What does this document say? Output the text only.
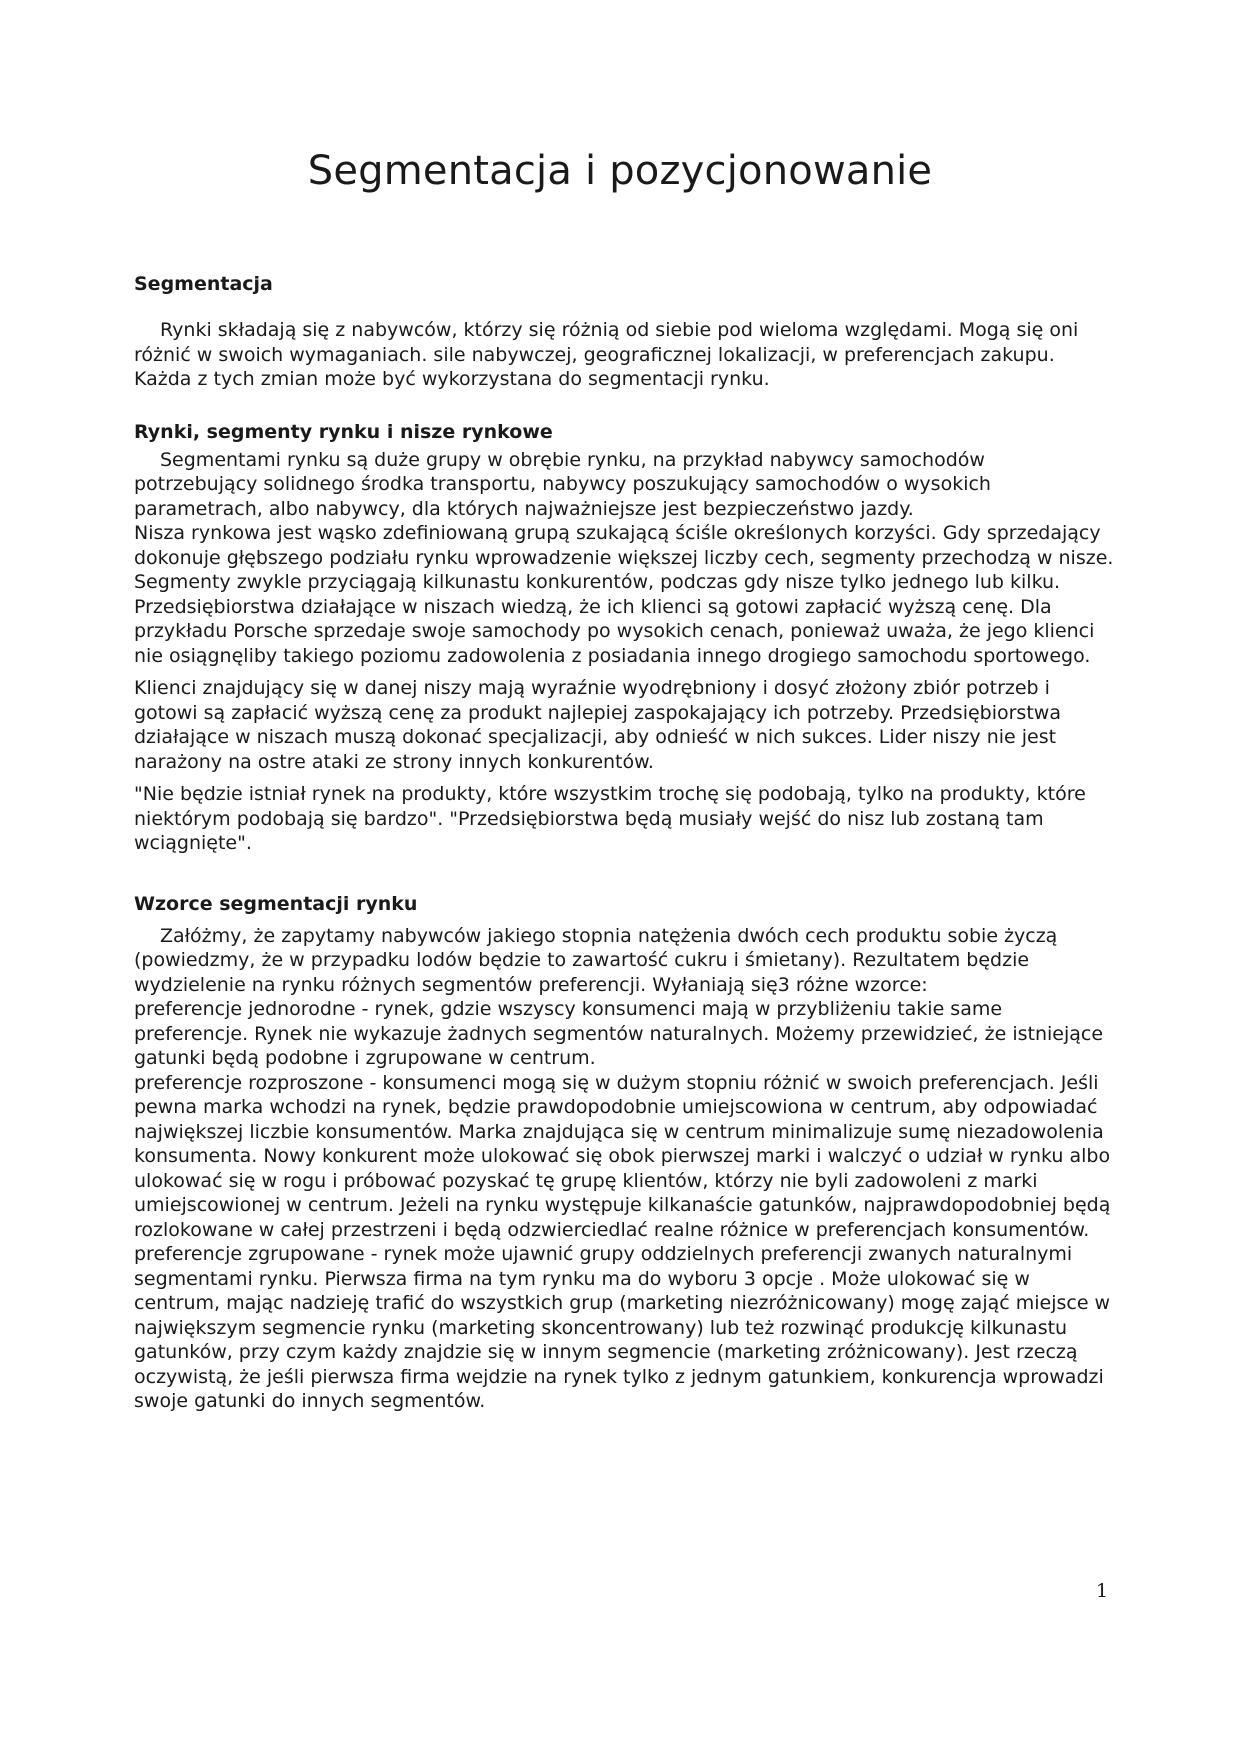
Segmentacja i pozycjonowanie
Segmentacja

Rynki składają się z nabywców, którzy się różnią od siebie pod wieloma względami. Mogą się oni różnić w swoich wymaganiach. sile nabywczej, geograficznej lokalizacji, w preferencjach zakupu. Każda z tych zmian może być wykorzystana do segmentacji rynku.

Rynki, segmenty rynku i nisze rynkowe

Segmentami rynku są duże grupy w obrębie rynku, na przykład nabywcy samochodów potrzebujący solidnego środka transportu, nabywcy poszukujący samochodów o wysokich parametrach, albo nabywcy, dla których najważniejsze jest bezpieczeństwo jazdy.

Nisza rynkowa jest wąsko zdefiniowaną grupą szukającą ściśle określonych korzyści. Gdy sprzedający dokonuje głębszego podziału rynku wprowadzenie większej liczby cech, segmenty przechodzą w nisze.

Segmenty zwykle przyciągają kilkunastu konkurentów, podczas gdy nisze tylko jednego lub kilku. Przedsiębiorstwa działające w niszach wiedzą, że ich klienci są gotowi zapłacić wyższą cenę. Dla przykładu Porsche sprzedaje swoje samochody po wysokich cenach, ponieważ uważa, że jego klienci nie osiągnęliby takiego poziomu zadowolenia z posiadania innego drogiego samochodu sportowego.

Klienci znajdujący się w danej niszy mają wyraźnie wyodrębniony i dosyć złożony zbiór potrzeb i gotowi są zapłacić wyższą cenę za produkt najlepiej zaspokajający ich potrzeby. Przedsiębiorstwa działające w niszach muszą dokonać specjalizacji, aby odnieść w nich sukces. Lider niszy nie jest narażony na ostre ataki ze strony innych konkurentów.

"Nie będzie istniał rynek na produkty, które wszystkim trochę się podobają, tylko na produkty, które niektórym podobają się bardzo". "Przedsiębiorstwa będą musiały wejść do nisz lub zostaną tam wciągnięte".

Wzorce segmentacji rynku

Załóżmy, że zapytamy nabywców jakiego stopnia natężenia dwóch cech produktu sobie życzą (powiedzmy, że w przypadku lodów będzie to zawartość cukru i śmietany). Rezultatem będzie wydzielenie na rynku różnych segmentów preferencji. Wyłaniają się3 różne wzorce:

preferencje jednorodne - rynek, gdzie wszyscy konsumenci mają w przybliżeniu takie same preferencje. Rynek nie wykazuje żadnych segmentów naturalnych. Możemy przewidzieć, że istniejące gatunki będą podobne i zgrupowane w centrum.

preferencje rozproszone - konsumenci mogą się w dużym stopniu różnić w swoich preferencjach. Jeśli pewna marka wchodzi na rynek, będzie prawdopodobnie umiejscowiona w centrum, aby odpowiadać największej liczbie konsumentów. Marka znajdująca się w centrum minimalizuje sumę niezadowolenia konsumenta. Nowy konkurent może ulokować się obok pierwszej marki i walczyć o udział w rynku albo ulokować się w rogu i próbować pozyskać tę grupę klientów, którzy nie byli zadowoleni z marki umiejscowionej w centrum. Jeżeli na rynku występuje kilkanaście gatunków, najprawdopodobniej będą rozlokowane w całej przestrzeni i będą odzwierciedlać realne różnice w preferencjach konsumentów.

preferencje zgrupowane - rynek może ujawnić grupy oddzielnych preferencji zwanych naturalnymi segmentami rynku. Pierwsza firma na tym rynku ma do wyboru 3 opcje . Może ulokować się w centrum, mając nadzieję trafić do wszystkich grup (marketing niezróżnicowany) mogę zająć miejsce w największym segmencie rynku (marketing skoncentrowany) lub też rozwinąć produkcję kilkunastu gatunków, przy czym każdy znajdzie się w innym segmencie (marketing zróżnicowany). Jest rzeczą oczywistą, że jeśli pierwsza firma wejdzie na rynek tylko z jednym gatunkiem, konkurencja wprowadzi swoje gatunki do innych segmentów.

1
